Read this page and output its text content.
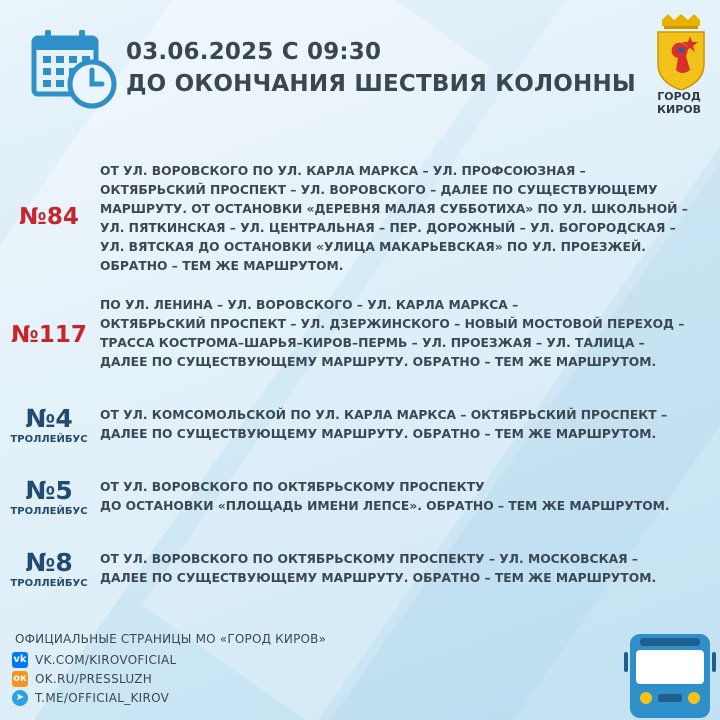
03.06.2025 С 09:30
ДО ОКОНЧАНИЯ ШЕСТВИЯ КОЛОННЫ	ГОРОД
КИРОВ
№84
ОТ УЛ. ВОРОВСКОГО ПО УЛ. КАРЛА МАРКСА – УЛ. ПРОФСОЮЗНАЯ –
ОКТЯБРЬСКИЙ ПРОСПЕКТ – УЛ. ВОРОВСКОГО – ДАЛЕЕ ПО СУЩЕСТВУЮЩЕМУ
МАРШРУТУ. ОТ ОСТАНОВКИ «ДЕРЕВНЯ МАЛАЯ СУББОТИХА» ПО УЛ. ШКОЛЬНОЙ –
УЛ. ПЯТКИНСКАЯ – УЛ. ЦЕНТРАЛЬНАЯ – ПЕР. ДОРОЖНЫЙ – УЛ. БОГОРОДСКАЯ –
УЛ. ВЯТСКАЯ ДО ОСТАНОВКИ «УЛИЦА МАКАРЬЕВСКАЯ» ПО УЛ. ПРОЕЗЖЕЙ.
ОБРАТНО – ТЕМ ЖЕ МАРШРУТОМ.
№117
ПО УЛ. ЛЕНИНА – УЛ. ВОРОВСКОГО – УЛ. КАРЛА МАРКСА –
ОКТЯБРЬСКИЙ ПРОСПЕКТ – УЛ. ДЗЕРЖИНСКОГО – НОВЫЙ МОСТОВОЙ ПЕРЕХОД –
ТРАССА КОСТРОМА–ШАРЬЯ–КИРОВ–ПЕРМЬ – УЛ. ПРОЕЗЖАЯ – УЛ. ТАЛИЦА –
ДАЛЕЕ ПО СУЩЕСТВУЮЩЕМУ МАРШРУТУ. ОБРАТНО – ТЕМ ЖЕ МАРШРУТОМ.
№4
ТРОЛЛЕЙБУС
ОТ УЛ. КОМСОМОЛЬСКОЙ ПО УЛ. КАРЛА МАРКСА – ОКТЯБРЬСКИЙ ПРОСПЕКТ –
ДАЛЕЕ ПО СУЩЕСТВУЮЩЕМУ МАРШРУТУ. ОБРАТНО – ТЕМ ЖЕ МАРШРУТОМ.
№5
ТРОЛЛЕЙБУС
ОТ УЛ. ВОРОВСКОГО ПО ОКТЯБРЬСКОМУ ПРОСПЕКТУ
ДО ОСТАНОВКИ «ПЛОЩАДЬ ИМЕНИ ЛЕПСЕ». ОБРАТНО – ТЕМ ЖЕ МАРШРУТОМ.
№8
ТРОЛЛЕЙБУС
ОТ УЛ. ВОРОВСКОГО ПО ОКТЯБРЬСКОМУ ПРОСПЕКТУ – УЛ. МОСКОВСКАЯ –
ДАЛЕЕ ПО СУЩЕСТВУЮЩЕМУ МАРШРУТУ. ОБРАТНО – ТЕМ ЖЕ МАРШРУТОМ.
ОФИЦИАЛЬНЫЕ СТРАНИЦЫ МО «ГОРОД КИРОВ»
vk VK.COM/KIROVOFICIAL
ок OK.RU/PRESSLUZH
➤ T.ME/OFFICIAL_KIROV
